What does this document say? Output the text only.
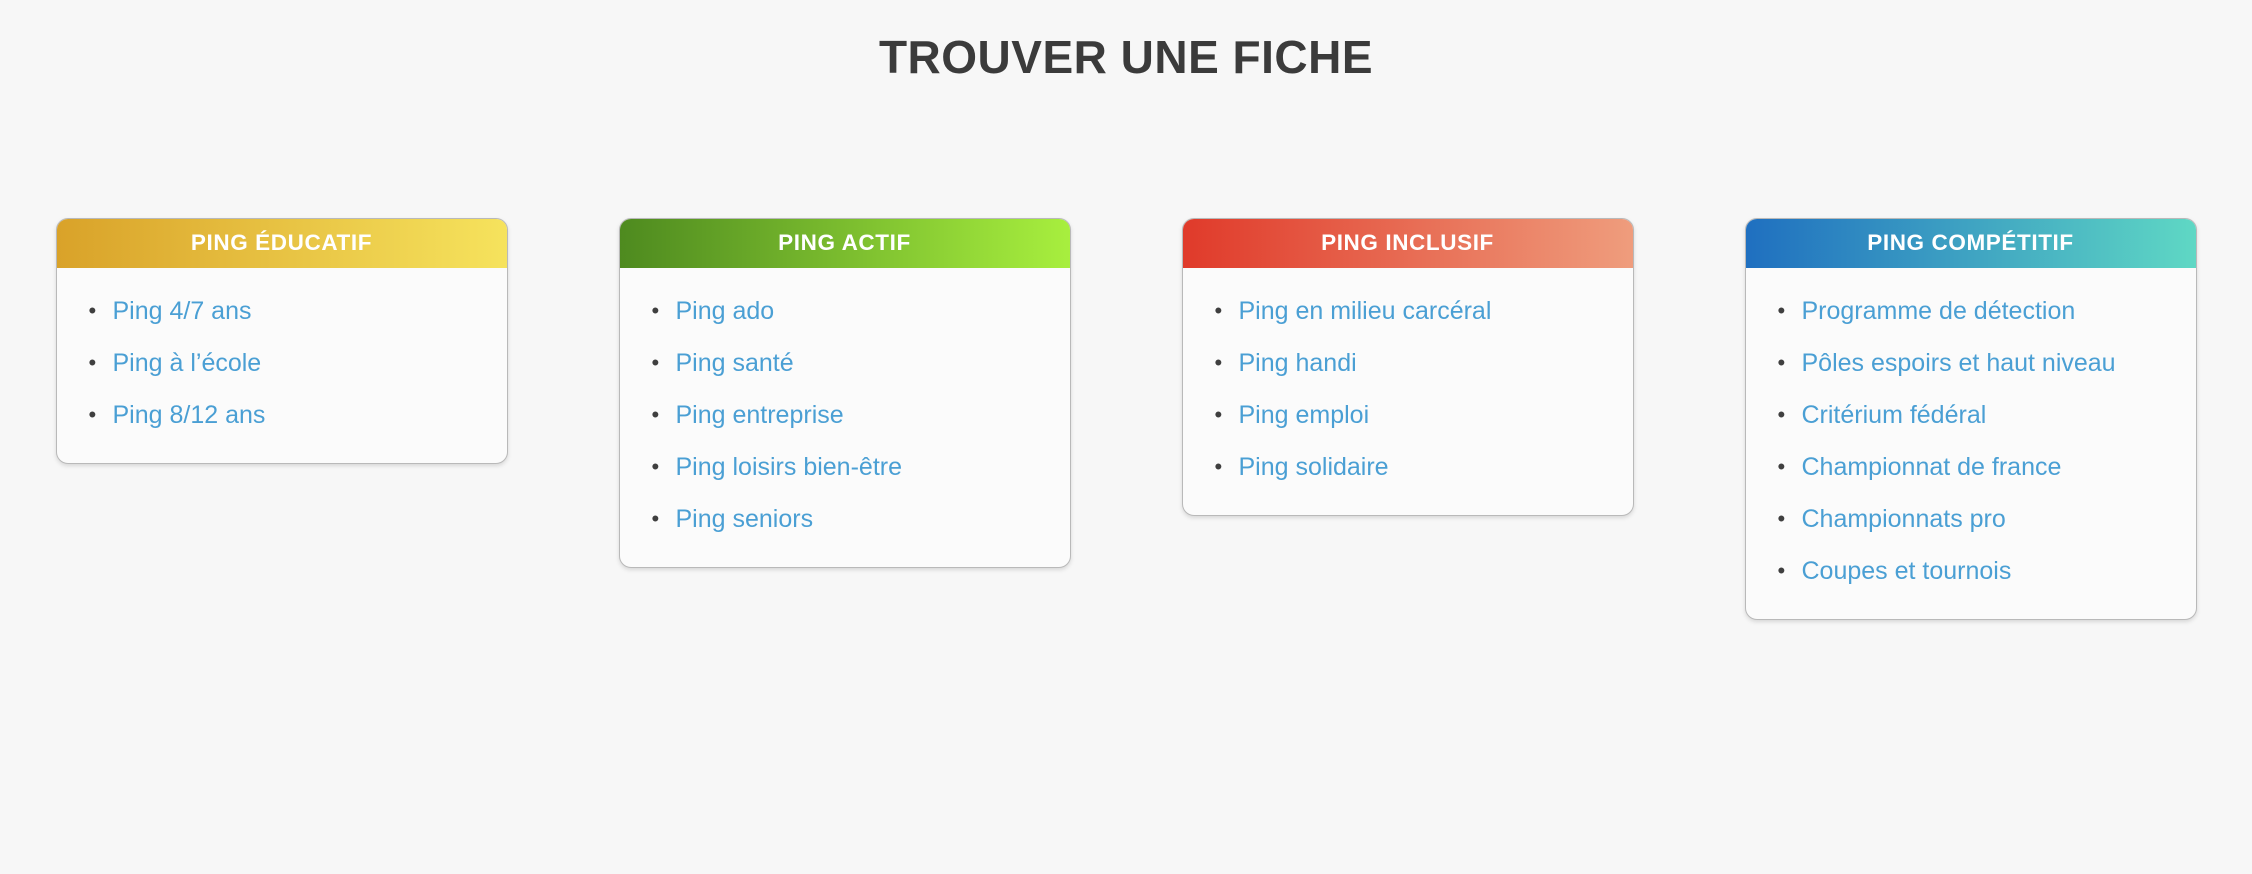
TROUVER UNE FICHE
PING ÉDUCATIF
• Ping 4/7 ans
• Ping à l’école
• Ping 8/12 ans
PING ACTIF
• Ping ado
• Ping santé
• Ping entreprise
• Ping loisirs bien-être
• Ping seniors
PING INCLUSIF
• Ping en milieu carcéral
• Ping handi
• Ping emploi
• Ping solidaire
PING COMPÉTITIF
• Programme de détection
• Pôles espoirs et haut niveau
• Critérium fédéral
• Championnat de france
• Championnats pro
• Coupes et tournois
